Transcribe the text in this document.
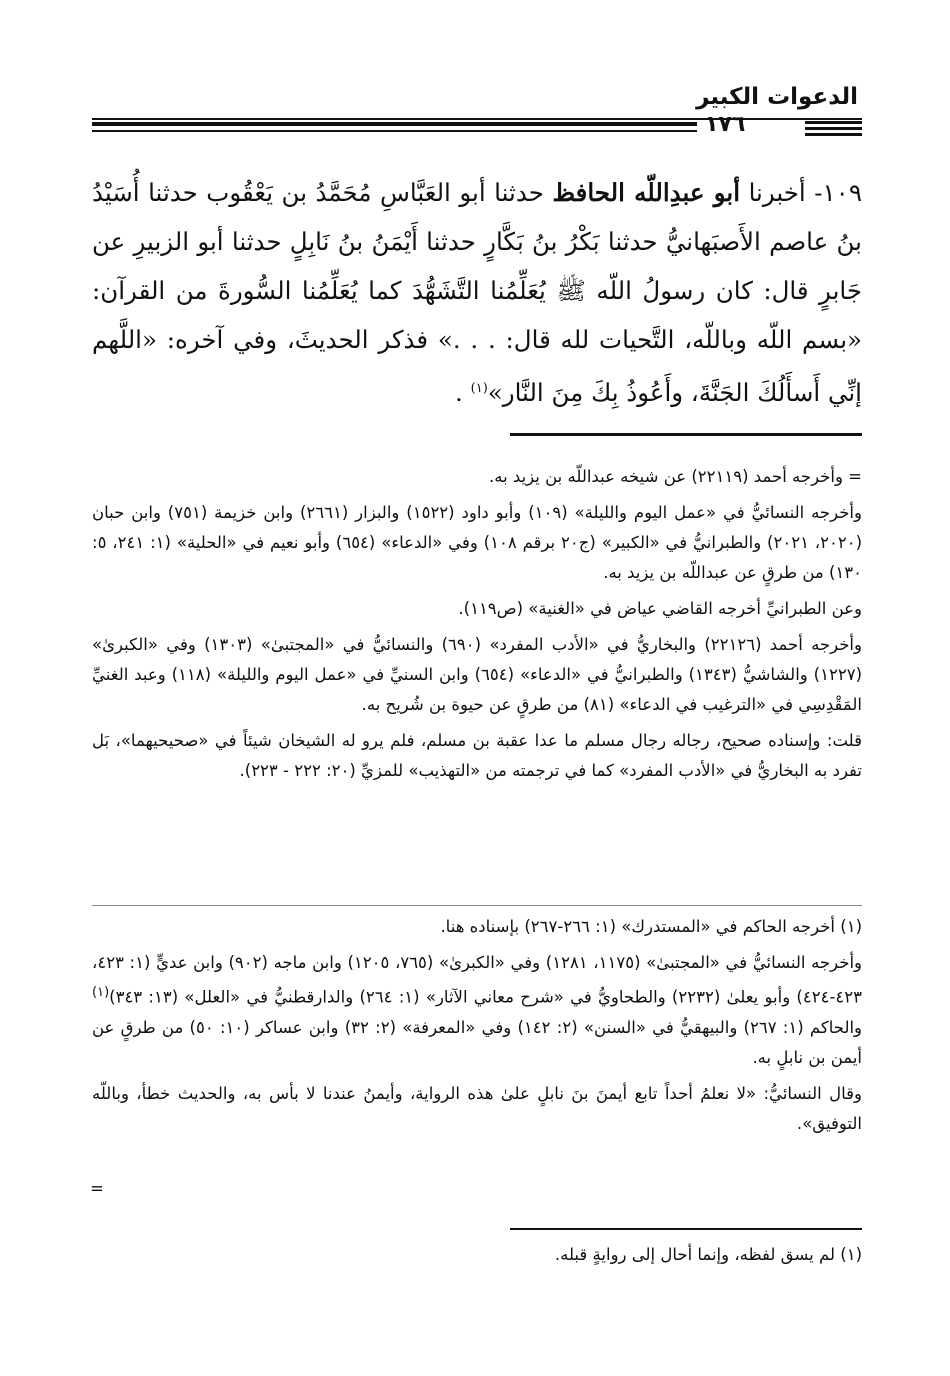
الدعوات الكبير
١٧٦

١٠٩- أخبرنا أبو عبدِاللّه الحافظ حدثنا أبو العَبَّاسِ مُحَمَّدُ بن يَعْقُوب حدثنا أُسَيْدُ بنُ عاصم الأَصبَهانيُّ حدثنا بَكْرُ بنُ بَكَّارٍ حدثنا أَيْمَنُ بنُ نَابِلٍ حدثنا أبو الزبيرِ عن جَابرٍ قال: كان رسولُ اللّه ﷺ يُعَلِّمُنا التَّشَهُّدَ كما يُعَلِّمُنا السُّورةَ من القرآن: «بسم اللّه وباللّه، التَّحيات لله قال: . . .» فذكر الحديثَ، وفي آخره: «اللَّهم إنِّي أَسأَلُكَ الجَنَّةَ، وأَعُوذُ بِكَ مِنَ النَّار»$^{(١)}$ .

= وأخرجه أحمد (٢٢١١٩) عن شيخه عبداللّه بن يزيد به.

وأخرجه النسائيُّ في «عمل اليوم والليلة» (١٠٩) وأبو داود (١٥٢٢) والبزار (٢٦٦١) وابن خزيمة (٧٥١) وابن حبان (٢٠٢٠، ٢٠٢١) والطبرانيُّ في «الكبير» (ج٢٠ برقم ١٠٨) وفي «الدعاء» (٦٥٤) وأبو نعيم في «الحلية» (١: ٢٤١، ٥: ١٣٠) من طرقٍ عن عبداللّه بن يزيد به.

وعن الطبرانيِّ أخرجه القاضي عياض في «الغنية» (ص١١٩).

وأخرجه أحمد (٢٢١٢٦) والبخاريُّ في «الأدب المفرد» (٦٩٠) والنسائيُّ في «المجتبىٰ» (١٣٠٣) وفي «الكبرىٰ» (١٢٢٧) والشاشيُّ (١٣٤٣) والطبرانيُّ في «الدعاء» (٦٥٤) وابن السنيِّ في «عمل اليوم والليلة» (١١٨) وعبد الغنيِّ المَقْدِسِي في «الترغيب في الدعاء» (٨١) من طرقٍ عن حيوة بن شُريح به.

قلت: وإسناده صحيح، رجاله رجال مسلم ما عدا عقبة بن مسلم، فلم يرو له الشيخان شيئاً في «صحيحيهما»، بَل تفرد به البخاريُّ في «الأدب المفرد» كما في ترجمته من «التهذيب» للمزيِّ (٢٠: ٢٢٢ - ٢٢٣).

(١) أخرجه الحاكم في «المستدرك» (١: ٢٦٦-٢٦٧) بإسناده هنا.

وأخرجه النسائيُّ في «المجتبىٰ» (١١٧٥، ١٢٨١) وفي «الكبرىٰ» (٧٦٥، ١٢٠٥) وابن ماجه (٩٠٢) وابن عديٍّ (١: ٤٢٣، ٤٢٣-٤٢٤) وأبو يعلىٰ (٢٢٣٢) والطحاويُّ في «شرح معاني الآثار» (١: ٢٦٤) والدارقطنيُّ في «العلل» (١٣: ٣٤٣)$^{(١)}$ والحاكم (١: ٢٦٧) والبيهقيُّ في «السنن» (٢: ١٤٢) وفي «المعرفة» (٢: ٣٢) وابن عساكر (١٠: ٥٠) من طرقٍ عن أيمن بن نابلٍ به.

وقال النسائيُّ: «لا نعلمُ أحداً تابع أيمنَ بنَ نابلٍ علىٰ هذه الرواية، وأيمنُ عندنا لا بأس به، والحديث خطأ، وباللّه التوفيق».

=

(١) لم يسق لفظه، وإنما أحال إلى روايةٍ قبله.
